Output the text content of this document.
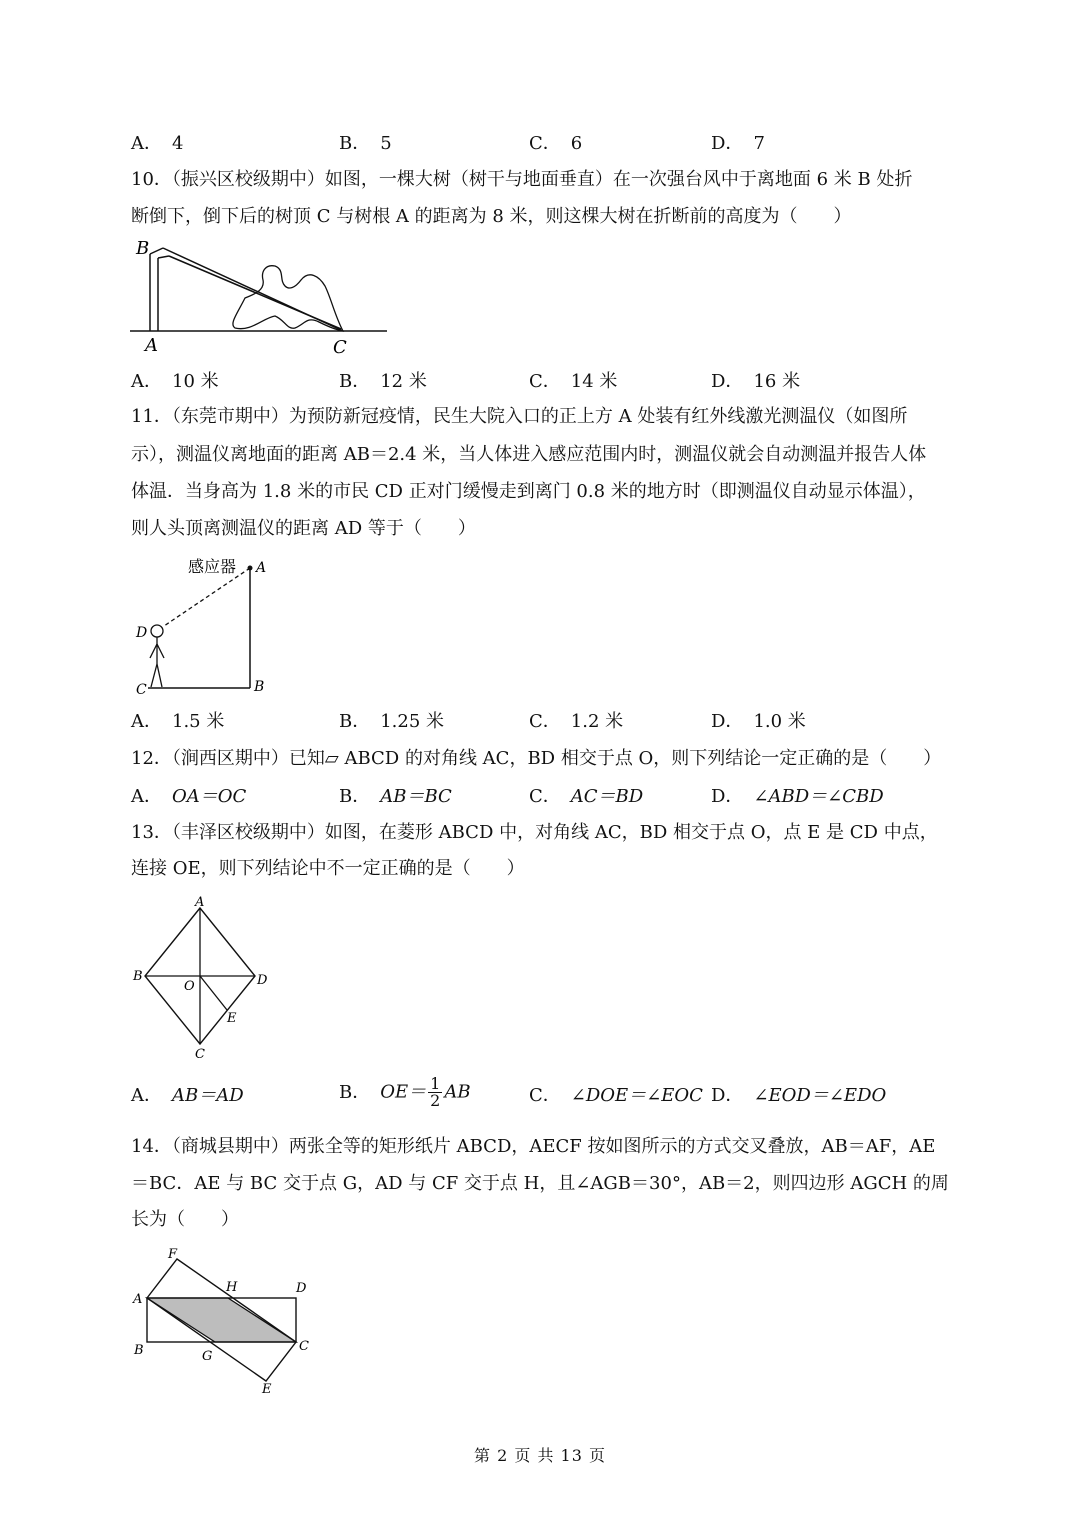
A． 4	B． 5	C． 6	D． 7
10．（振兴区校级期中）如图，一棵大树（树干与地面垂直）在一次强台风中于离地面 6 米 B 处折
断倒下，倒下后的树顶 C 与树根 A 的距离为 8 米，则这棵大树在折断前的高度为（　　）
B
A	C
A． 10 米	B． 12 米	C． 14 米	D． 16 米
11．（东莞市期中）为预防新冠疫情，民生大院入口的正上方 A 处装有红外线激光测温仪（如图所
示），测温仪离地面的距离 AB＝2.4 米，当人体进入感应范围内时，测温仪就会自动测温并报告人体
体温．当身高为 1.8 米的市民 CD 正对门缓慢走到离门 0.8 米的地方时（即测温仪自动显示体温），
则人头顶离测温仪的距离 AD 等于（　　）
感应器 A
D
C	B
A． 1.5 米	B． 1.25 米	C． 1.2 米	D． 1.0 米
12．（涧西区期中）已知▱ ABCD 的对角线 AC，BD 相交于点 O，则下列结论一定正确的是（　　）
A． OA＝OC	B． AB＝BC	C． AC＝BD	D． ∠ABD＝∠CBD
13．（丰泽区校级期中）如图，在菱形 ABCD 中，对角线 AC，BD 相交于点 O，点 E 是 CD 中点，
连接 OE，则下列结论中不一定正确的是（　　）
A
B
O	D
E
C
A． AB＝AD	B． $OE= \frac{1}{2}$ AB	C． ∠DOE＝∠EOC D． ∠EOD＝∠EDO
14．（商城县期中）两张全等的矩形纸片 ABCD，AECF 按如图所示的方式交叉叠放，AB＝AF，AE
＝BC．AE 与 BC 交于点 G，AD 与 CF 交于点 H，且∠AGB＝30°，AB＝2，则四边形 AGCH 的周
长为（　　）
F
A
H	D
B	G
C
E
第 2 页 共 13 页
